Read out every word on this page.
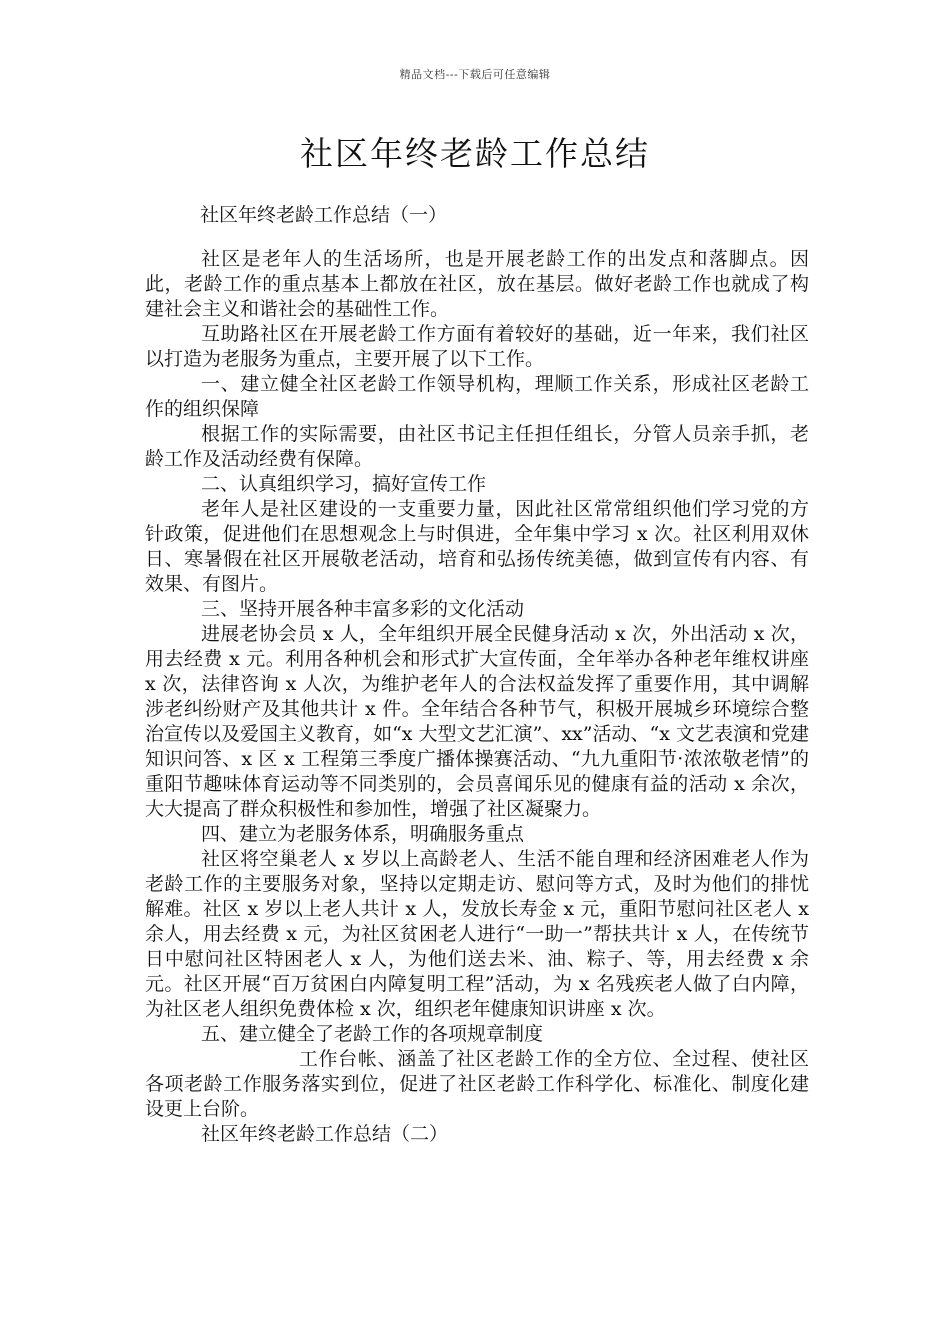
精品文档---下载后可任意编辑
社区年终老龄工作总结
社区年终老龄工作总结（一）

社区是老年人的生活场所，也是开展老龄工作的出发点和落脚点。因此，老龄工作的重点基本上都放在社区，放在基层。做好老龄工作也就成了构建社会主义和谐社会的基础性工作。

互助路社区在开展老龄工作方面有着较好的基础，近一年来，我们社区以打造为老服务为重点，主要开展了以下工作。

一、建立健全社区老龄工作领导机构，理顺工作关系，形成社区老龄工作的组织保障

根据工作的实际需要，由社区书记主任担任组长，分管人员亲手抓，老龄工作及活动经费有保障。

二、认真组织学习，搞好宣传工作

老年人是社区建设的一支重要力量，因此社区常常组织他们学习党的方针政策，促进他们在思想观念上与时俱进，全年集中学习 x 次。社区利用双休日、寒暑假在社区开展敬老活动，培育和弘扬传统美德，做到宣传有内容、有效果、有图片。

三、坚持开展各种丰富多彩的文化活动

进展老协会员 x 人，全年组织开展全民健身活动 x 次，外出活动 x 次，用去经费 x 元。利用各种机会和形式扩大宣传面，全年举办各种老年维权讲座 x 次，法律咨询 x 人次，为维护老年人的合法权益发挥了重要作用，其中调解涉老纠纷财产及其他共计 x 件。全年结合各种节气，积极开展城乡环境综合整治宣传以及爱国主义教育，如“x 大型文艺汇演”、xx”活动、“x 文艺表演和党建知识问答、x 区 x 工程第三季度广播体操赛活动、“九九重阳节·浓浓敬老情”的重阳节趣味体育运动等不同类别的，会员喜闻乐见的健康有益的活动 x 余次，大大提高了群众积极性和参加性，增强了社区凝聚力。

四、建立为老服务体系，明确服务重点

社区将空巢老人 x 岁以上高龄老人、生活不能自理和经济困难老人作为老龄工作的主要服务对象，坚持以定期走访、慰问等方式，及时为他们的排忧解难。社区 x 岁以上老人共计 x 人，发放长寿金 x 元，重阳节慰问社区老人 x 余人，用去经费 x 元，为社区贫困老人进行“一助一”帮扶共计 x 人，在传统节日中慰问社区特困老人 x 人，为他们送去米、油、粽子、等，用去经费 x 余元。社区开展“百万贫困白内障复明工程”活动，为 x 名残疾老人做了白内障，为社区老人组织免费体检 x 次，组织老年健康知识讲座 x 次。

五、建立健全了老龄工作的各项规章制度

工作台帐、涵盖了社区老龄工作的全方位、全过程、使社区各项老龄工作服务落实到位，促进了社区老龄工作科学化、标准化、制度化建设更上台阶。

社区年终老龄工作总结（二）
